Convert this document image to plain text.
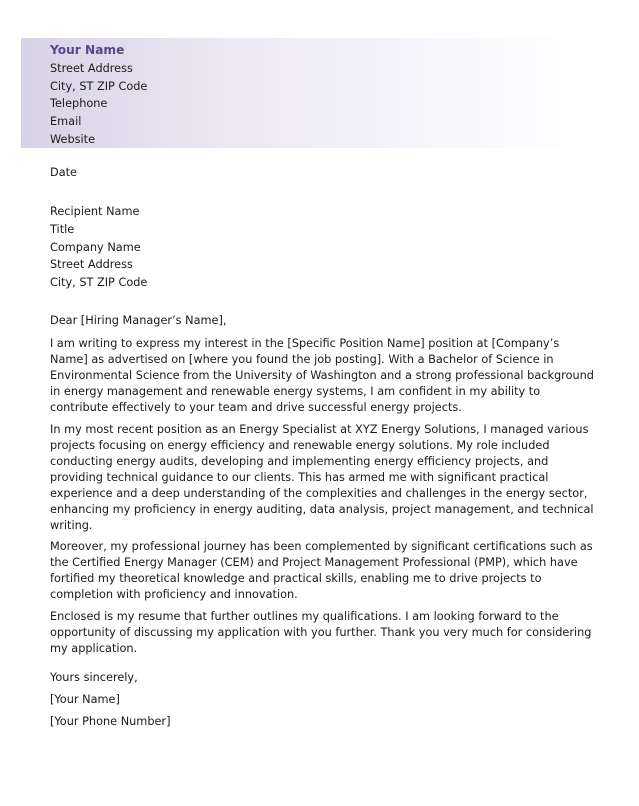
Your Name
Street Address
City, ST ZIP Code
Telephone
Email
Website
Date
Recipient Name
Title
Company Name
Street Address
City, ST ZIP Code
Dear [Hiring Manager’s Name],

I am writing to express my interest in the [Specific Position Name] position at [Company’s Name] as advertised on [where you found the job posting]. With a Bachelor of Science in Environmental Science from the University of Washington and a strong professional background in energy management and renewable energy systems, I am confident in my ability to contribute effectively to your team and drive successful energy projects.

In my most recent position as an Energy Specialist at XYZ Energy Solutions, I managed various projects focusing on energy efficiency and renewable energy solutions. My role included conducting energy audits, developing and implementing energy efficiency projects, and providing technical guidance to our clients. This has armed me with significant practical experience and a deep understanding of the complexities and challenges in the energy sector, enhancing my proficiency in energy auditing, data analysis, project management, and technical writing.

Moreover, my professional journey has been complemented by significant certifications such as the Certified Energy Manager (CEM) and Project Management Professional (PMP), which have fortified my theoretical knowledge and practical skills, enabling me to drive projects to completion with proficiency and innovation.

Enclosed is my resume that further outlines my qualifications. I am looking forward to the opportunity of discussing my application with you further. Thank you very much for considering my application.

Yours sincerely,
[Your Name]
[Your Phone Number]
